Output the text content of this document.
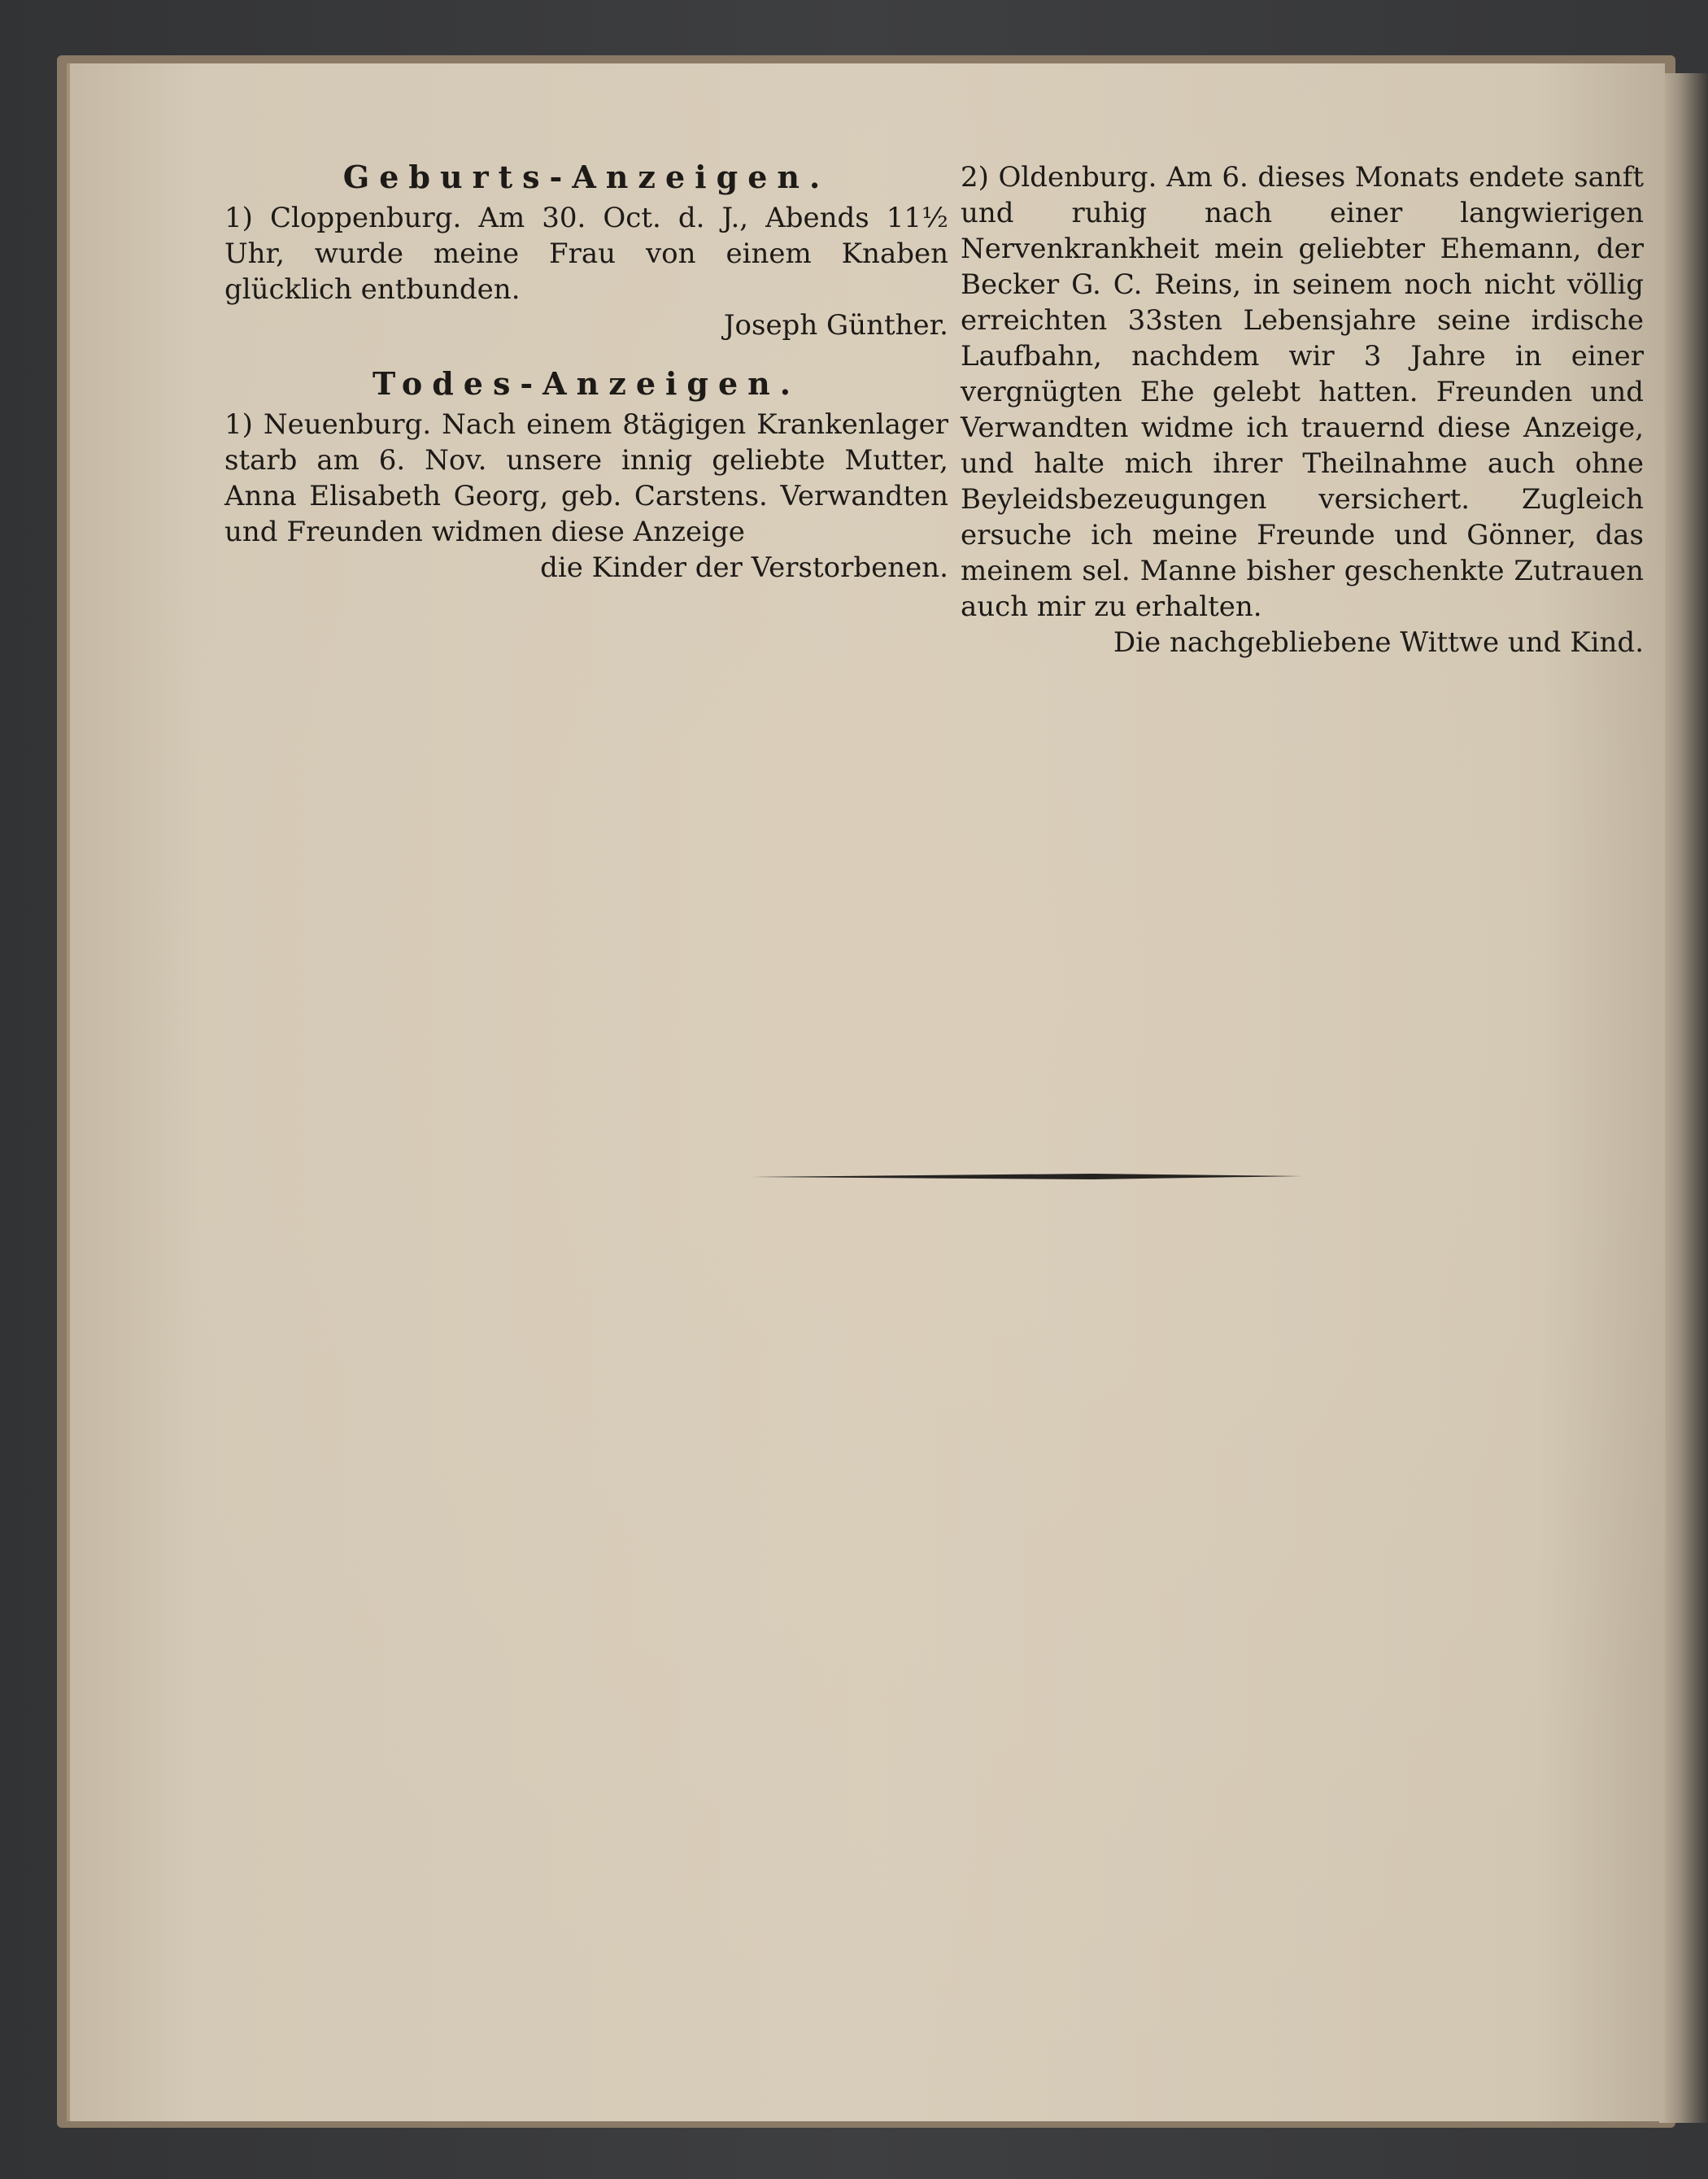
Geburts-Anzeigen.

1) Cloppenburg. Am 30. Oct. d. J., Abends 11½ Uhr, wurde meine Frau von einem Knaben glücklich entbunden.

Joseph Günther.

Todes-Anzeigen.

1) Neuenburg. Nach einem 8tägigen Krankenlager starb am 6. Nov. unsere innig geliebte Mutter, Anna Elisabeth Georg, geb. Carstens. Verwandten und Freunden widmen diese Anzeige

die Kinder der Verstorbenen.

2) Oldenburg. Am 6. dieses Monats endete sanft und ruhig nach einer langwierigen Nervenkrankheit mein geliebter Ehemann, der Becker G. C. Reins, in seinem noch nicht völlig erreichten 33sten Lebensjahre seine irdische Laufbahn, nachdem wir 3 Jahre in einer vergnügten Ehe gelebt hatten. Freunden und Verwandten widme ich trauernd diese Anzeige, und halte mich ihrer Theilnahme auch ohne Beyleidsbezeugungen versichert. Zugleich ersuche ich meine Freunde und Gönner, das meinem sel. Manne bisher geschenkte Zutrauen auch mir zu erhalten.

Die nachgebliebene Wittwe und Kind.
